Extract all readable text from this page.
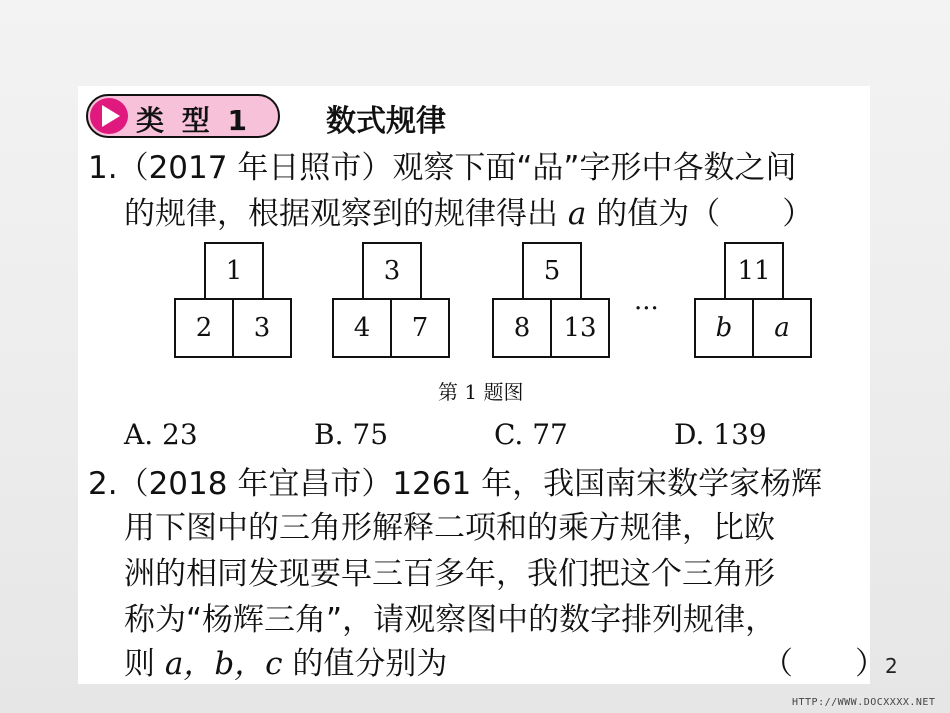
类 型 1	数式规律
1.（2017 年日照市）观察下面“品”字形中各数之间
的规律，根据观察到的规律得出 a 的值为（　　）
1
2	3
3
4	7
5
8	13
···
11
b	a
第 1 题图
A. 23	B. 75	C. 77	D. 139
2.（2018 年宜昌市）1261 年，我国南宋数学家杨辉
用下图中的三角形解释二项和的乘方规律，比欧
洲的相同发现要早三百多年，我们把这个三角形
称为“杨辉三角”，请观察图中的数字排列规律，
则 a，b，c 的值分别为	（　　） 2
HTTP://WWW.DOCXXXX.NET
